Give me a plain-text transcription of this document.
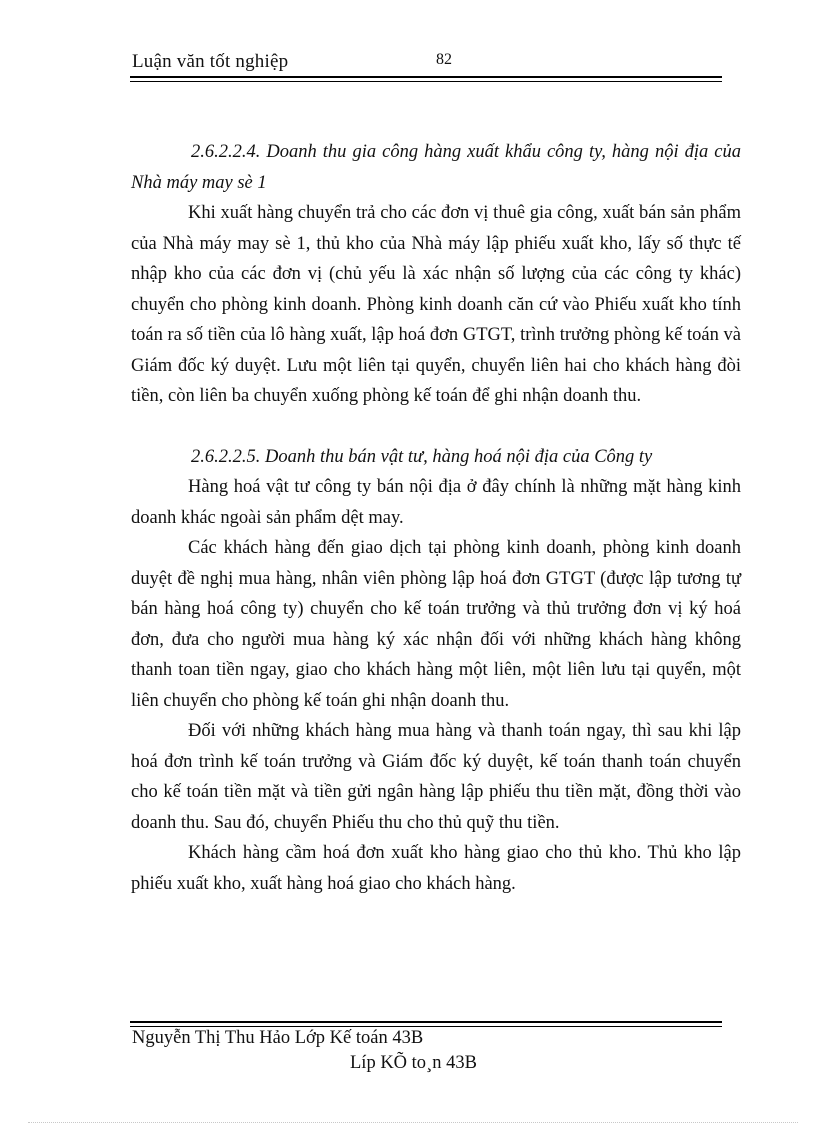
Luận văn tốt nghiệp	82

2.6.2.2.4. Doanh thu gia công hàng xuất khẩu công ty, hàng nội địa của Nhà máy may sè 1

Khi xuất hàng chuyển trả cho các đơn vị thuê gia công, xuất bán sản phẩm của Nhà máy may sè 1, thủ kho của Nhà máy lập phiếu xuất kho, lấy số thực tế nhập kho của các đơn vị (chủ yếu là xác nhận số lượng của các công ty khác) chuyển cho phòng kinh doanh. Phòng kinh doanh căn cứ vào Phiếu xuất kho tính toán ra số tiền của lô hàng xuất, lập hoá đơn GTGT, trình trưởng phòng kế toán và Giám đốc ký duyệt. Lưu một liên tại quyển, chuyển liên hai cho khách hàng đòi tiền, còn liên ba chuyển xuống phòng kế toán để ghi nhận doanh thu.

2.6.2.2.5. Doanh thu bán vật tư, hàng hoá nội địa của Công ty

Hàng hoá vật tư công ty bán nội địa ở đây chính là những mặt hàng kinh doanh khác ngoài sản phẩm dệt may.

Các khách hàng đến giao dịch tại phòng kinh doanh, phòng kinh doanh duyệt đề nghị mua hàng, nhân viên phòng lập hoá đơn GTGT (được lập tương tự bán hàng hoá công ty) chuyển cho kế toán trưởng và thủ trưởng đơn vị ký hoá đơn, đưa cho người mua hàng ký xác nhận đối với những khách hàng không thanh toan tiền ngay, giao cho khách hàng một liên, một liên lưu tại quyển, một liên chuyển cho phòng kế toán ghi nhận doanh thu.

Đối với những khách hàng mua hàng và thanh toán ngay, thì sau khi lập hoá đơn trình kế toán trưởng và Giám đốc ký duyệt, kế toán thanh toán chuyển cho kế toán tiền mặt và tiền gửi ngân hàng lập phiếu thu tiền mặt, đồng thời vào doanh thu. Sau đó, chuyển Phiếu thu cho thủ quỹ thu tiền.

Khách hàng cầm hoá đơn xuất kho hàng giao cho thủ kho. Thủ kho lập phiếu xuất kho, xuất hàng hoá giao cho khách hàng.

Nguyễn Thị Thu Hảo Lớp Kế toán 43B
Líp KÕ to¸n 43B
